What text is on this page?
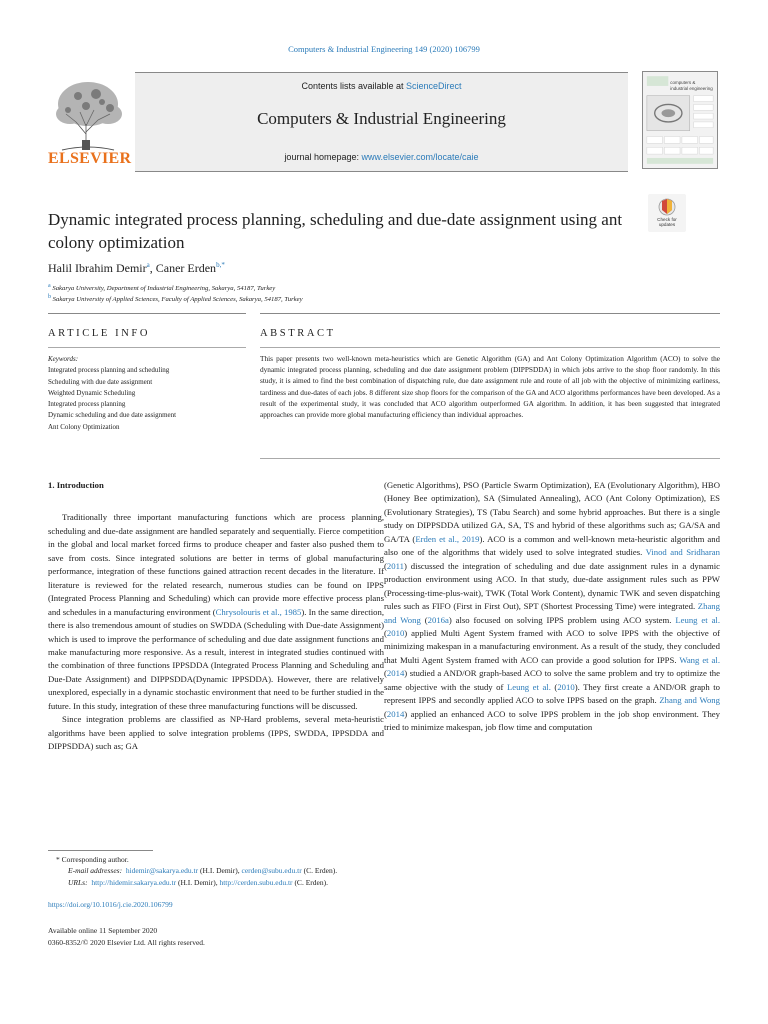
Computers & Industrial Engineering 149 (2020) 106799
ELSEVIER
Contents lists available at ScienceDirect
Computers & Industrial Engineering
journal homepage: www.elsevier.com/locate/caie
computers &
industrial engineering
Dynamic integrated process planning, scheduling and due-date assignment using ant colony optimization
Check for
updates
Halil Ibrahim Demir$^a$, Caner Erden$^{b,*}$
a Sakarya University, Department of Industrial Engineering, Sakarya, 54187, Turkey
b Sakarya University of Applied Sciences, Faculty of Applied Sciences, Sakarya, 54187, Turkey
ARTICLE INFO	ABSTRACT
Keywords:
Integrated process planning and scheduling
Scheduling with due date assignment
Weighted Dynamic Scheduling
Integrated process planning
Dynamic scheduling and due date assignment
Ant Colony Optimization
This paper presents two well-known meta-heuristics which are Genetic Algorithm (GA) and Ant Colony Optimization Algorithm (ACO) to solve the dynamic integrated process planning, scheduling and due date assignment problem (DIPPSDDA) in which jobs arrive to the shop floor randomly. In this study, it is aimed to find the best combination of dispatching rule, due date assignment rule and route of all job with the objective of minimizing earliness, tardiness and due-dates of each jobs. 8 different size shop floors for the comparison of the GA and ACO algorithms performances have been developed. As a result of the experimental study, it was concluded that ACO algorithm outperformed GA algorithm. In addition, it has been suggested that integrated approaches can provide more global manufacturing efficiency than individual approaches.

1. Introduction

Traditionally three important manufacturing functions which are process planning, scheduling and due-date assignment are handled separately and sequentially. Fierce competition in the global and local market forced firms to produce cheaper and faster also pushed them to save from costs. Since integrated solutions are better in terms of global manufacturing performance, integration of these functions gained attraction recent decades in the literature. If literature is reviewed for the related research, numerous studies can be found on IPPS (Integrated Process Planning and Scheduling) which can provide more effective process plans and schedules in a manufacturing environment (Chrysolouris et al., 1985). In the same direction, there is also tremendous amount of studies on SWDDA (Scheduling with Due-date Assignment) which is used to improve the performance of scheduling and due date assignment functions and make manufacturing more responsive. As a result, interest in integrated studies continued with the combination of three functions IPPSDDA (Integrated Process Planning and Scheduling and Due-Date Assignment) and DIPPSDDA(Dynamic IPPSDDA). However, there are relatively unexplored, especially in a dynamic stochastic environment that need to be further studied in the future. In this study, integration of these three manufacturing functions will be discussed.

Since integration problems are classified as NP-Hard problems, several meta-heuristic algorithms have been applied to solve integration problems (IPPS, SWDDA, IPPSDDA and DIPPSDDA) such as; GA

(Genetic Algorithms), PSO (Particle Swarm Optimization), EA (Evolutionary Algorithm), HBO (Honey Bee optimization), SA (Simulated Annealing), ACO (Ant Colony Optimization), ES (Evolutionary Strategies), TS (Tabu Search) and some hybrid approaches. But there is a single study on DIPPSDDA utilized GA, SA, TS and hybrid of these algorithms such as; GA/SA and GA/TA (Erden et al., 2019). ACO is a common and well-known meta-heuristic algorithm and also one of the algorithms that widely used to solve integrated studies. Vinod and Sridharan (2011) discussed the integration of scheduling and due date assignment rules in a dynamic production environment using ACO. In that study, due-date assignment rules such as PPW (Processing-time-plus-wait), TWK (Total Work Content), dynamic TWK and seven dispatching rules such as FIFO (First in First Out), SPT (Shortest Processing Time) were integrated. Zhang and Wong (2016a) also focused on solving IPPS problem using ACO system. Leung et al. (2010) applied Multi Agent System framed with ACO to solve IPPS with the objective of minimizing makespan in a manufacturing environment. As a result of the study, they concluded that Multi Agent System framed with ACO can provide a good solution for IPPS. Wang et al. (2014) studied a AND/OR graph-based ACO to solve the same problem and try to optimize the same objective with the study of Leung et al. (2010). They first create a AND/OR graph to represent IPPS and secondly applied ACO to solve IPPS based on the graph. Zhang and Wong (2014) applied an enhanced ACO to solve IPPS problem in the job shop environment. They tried to minimize makespan, job flow time and computation

* Corresponding author.
E-mail addresses: hidemir@sakarya.edu.tr (H.I. Demir), cerden@subu.edu.tr (C. Erden).
URLs: http://hidemir.sakarya.edu.tr (H.I. Demir), http://cerden.subu.edu.tr (C. Erden).
https://doi.org/10.1016/j.cie.2020.106799
Available online 11 September 2020
0360-8352/© 2020 Elsevier Ltd. All rights reserved.
